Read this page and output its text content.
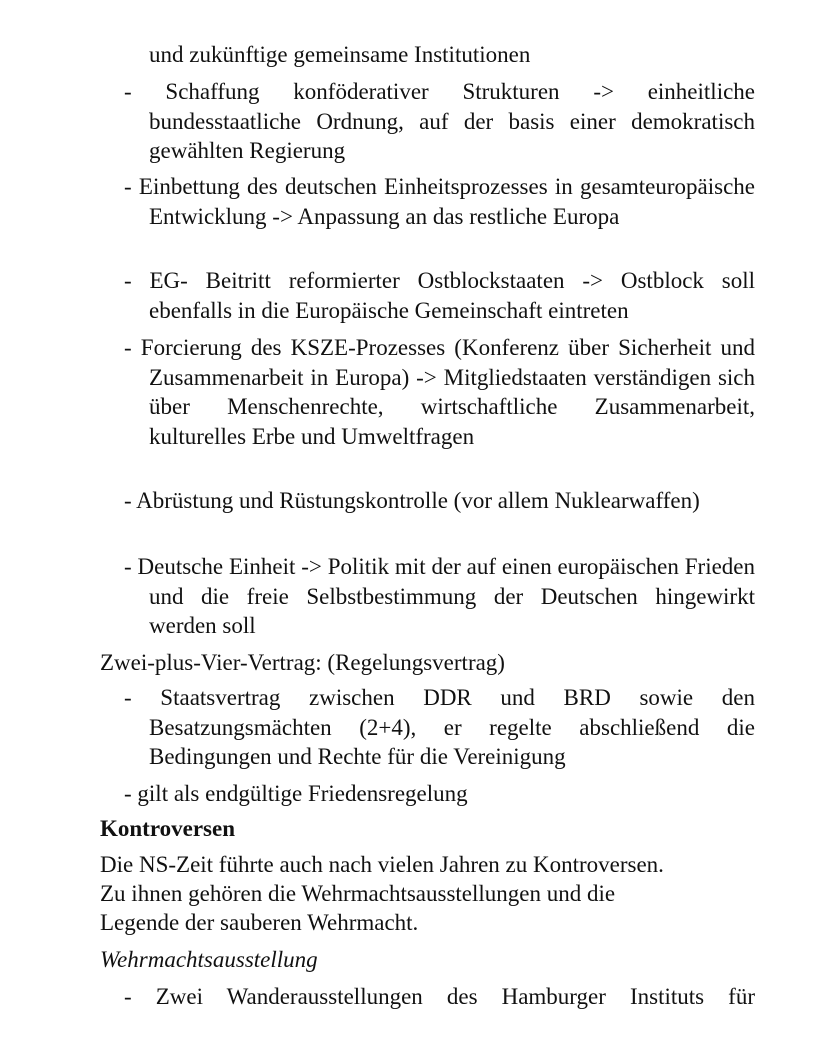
und zukünftige gemeinsame Institutionen

- Schaffung konföderativer Strukturen -> einheitliche bundesstaatliche Ordnung, auf der basis einer demokratisch gewählten Regierung

- Einbettung des deutschen Einheitsprozesses in gesamteuropäische Entwicklung -> Anpassung an das restliche Europa

- EG- Beitritt reformierter Ostblockstaaten -> Ostblock soll ebenfalls in die Europäische Gemeinschaft eintreten

- Forcierung des KSZE-Prozesses (Konferenz über Sicherheit und Zusammenarbeit in Europa) -> Mitgliedstaaten verständigen sich über Menschenrechte, wirtschaftliche Zusammenarbeit, kulturelles Erbe und Umweltfragen

- Abrüstung und Rüstungskontrolle (vor allem Nuklearwaffen)

- Deutsche Einheit -> Politik mit der auf einen europäischen Frieden und die freie Selbstbestimmung der Deutschen hingewirkt werden soll

Zwei-plus-Vier-Vertrag: (Regelungsvertrag)

- Staatsvertrag zwischen DDR und BRD sowie den Besatzungsmächten (2+4), er regelte abschließend die Bedingungen und Rechte für die Vereinigung

- gilt als endgültige Friedensregelung

Kontroversen

Die NS-Zeit führte auch nach vielen Jahren zu Kontroversen.

Zu ihnen gehören die Wehrmachtsausstellungen und die

Legende der sauberen Wehrmacht.

Wehrmachtsausstellung

- Zwei Wanderausstellungen des Hamburger Instituts für
